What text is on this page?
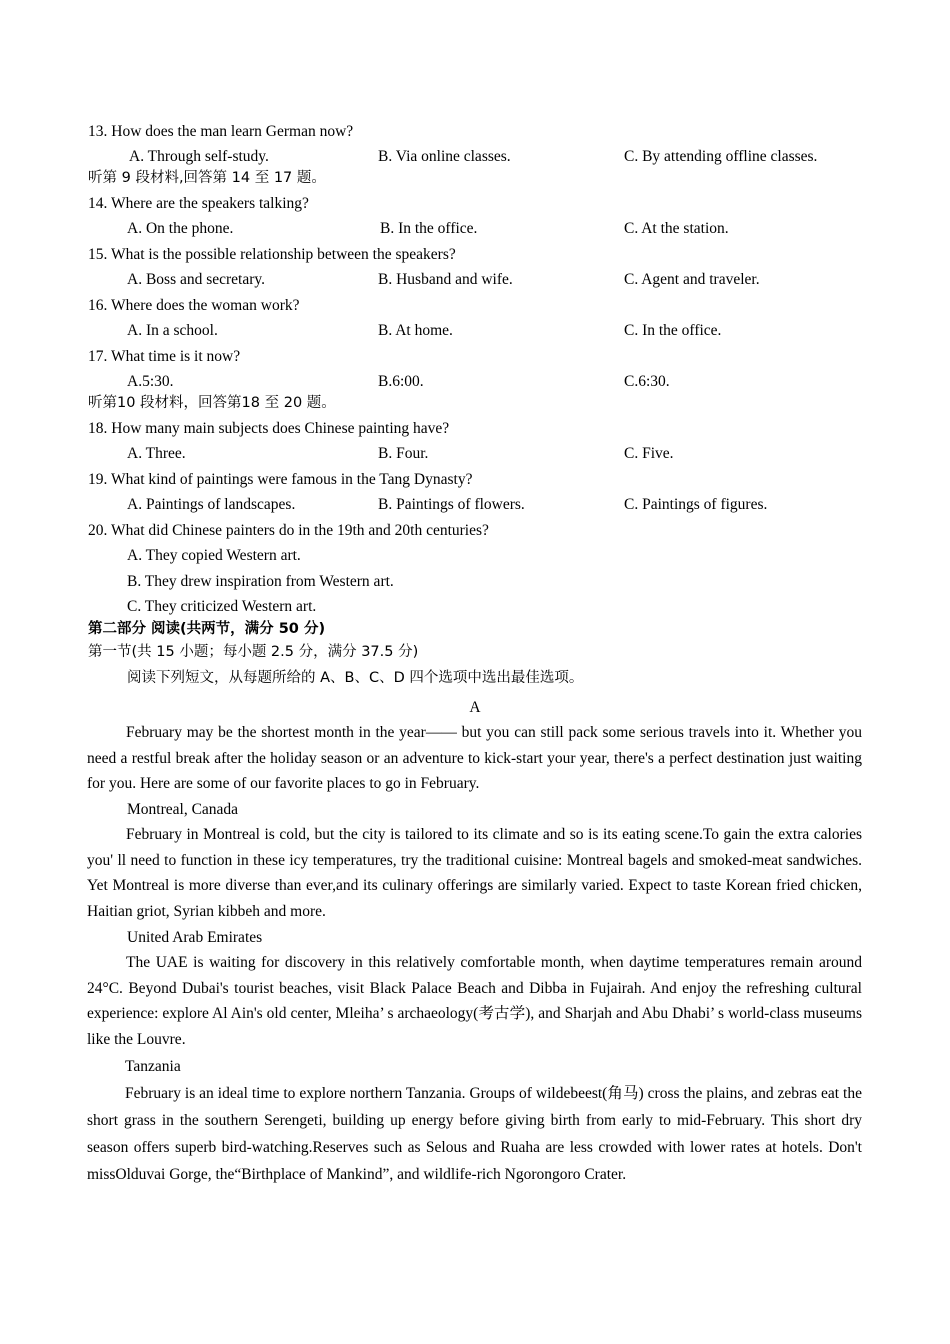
13. How does the man learn German now?
A. Through self-study.	B. Via online classes.	C. By attending offline classes.
听第 9 段材料,回答第 14 至 17 题。
14. Where are the speakers talking?
A. On the phone.	B. In the office.	C. At the station.
15. What is the possible relationship between the speakers?
A. Boss and secretary.	B. Husband and wife.	C. Agent and traveler.
16. Where does the woman work?
A. In a school.	B. At home.	C. In the office.
17. What time is it now?
A.5:30.	B.6:00.	C.6:30.
听第10 段材料，回答第18 至 20 题。
18. How many main subjects does Chinese painting have?
A. Three.	B. Four.	C. Five.
19. What kind of paintings were famous in the Tang Dynasty?
A. Paintings of landscapes.	B. Paintings of flowers.	C. Paintings of figures.
20. What did Chinese painters do in the 19th and 20th centuries?
A. They copied Western art.
B. They drew inspiration from Western art.
C. They criticized Western art.
第二部分 阅读(共两节，满分 50 分)
第一节(共 15 小题；每小题 2.5 分，满分 37.5 分)
阅读下列短文，从每题所给的 A、B、C、D 四个选项中选出最佳选项。
A

February may be the shortest month in the year—— but you can still pack some serious travels into it. Whether you need a restful break after the holiday season or an adventure to kick-start your year, there's a perfect destination just waiting for you. Here are some of our favorite places to go in February.

Montreal, Canada

February in Montreal is cold, but the city is tailored to its climate and so is its eating scene.To gain the extra calories you' ll need to function in these icy temperatures, try the traditional cuisine: Montreal bagels and smoked-meat sandwiches. Yet Montreal is more diverse than ever,and its culinary offerings are similarly varied. Expect to taste Korean fried chicken, Haitian griot, Syrian kibbeh and more.

United Arab Emirates

The UAE is waiting for discovery in this relatively comfortable month, when daytime temperatures remain around 24°C. Beyond Dubai's tourist beaches, visit Black Palace Beach and Dibba in Fujairah. And enjoy the refreshing cultural experience: explore Al Ain's old center, Mleiha’ s archaeology(考古学), and Sharjah and Abu Dhabi’ s world-class museums like the Louvre.

Tanzania

February is an ideal time to explore northern Tanzania. Groups of wildebeest(角马) cross the plains, and zebras eat the short grass in the southern Serengeti, building up energy before giving birth from early to mid-February. This short dry season offers superb bird-watching.Reserves such as Selous and Ruaha are less crowded with lower rates at hotels. Don't missOlduvai Gorge, the“Birthplace of Mankind”, and wildlife-rich Ngorongoro Crater.
